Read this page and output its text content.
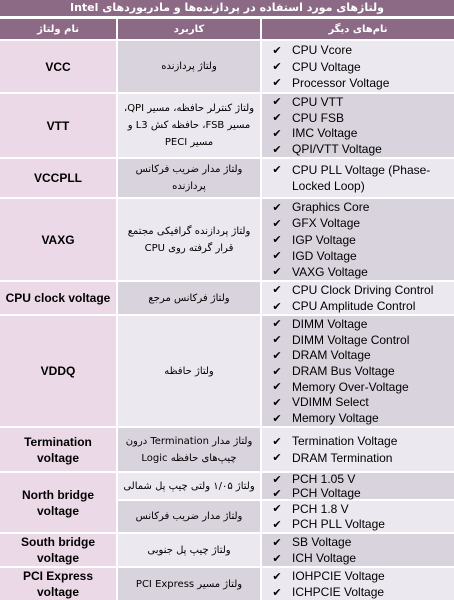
ولتاژهای مورد استفاده در پردازنده‌ها و مادربوردهای Intel
نام ولتاژ	کاربرد	نام‌های دیگر
VCC
VTT
VCCPLL
VAXG
CPU clock voltage
VDDQ
Termination voltage
North bridge voltage
South bridge voltage
PCI Express voltage
ولتاژ پردازنده
✔ CPU Vcore
✔ CPU Voltage
✔ Processor Voltage
ولتاژ کنترلر حافظه، مسیر QPI، مسیر FSB، حافظه کش L3 و مسیر PECI
✔ CPU VTT
✔ CPU FSB
✔ IMC Voltage
✔ QPI/VTT Voltage
ولتاژ مدار ضریب فرکانس پردازنده
✔ CPU PLL Voltage (Phase-Locked Loop)
ولتاژ پردازنده گرافیکی مجتمع قرار گرفته روی CPU
✔ Graphics Core
✔ GFX Voltage
✔ IGP Voltage
✔ IGD Voltage
✔ VAXG Voltage
ولتاژ فرکانس مرجع
✔ CPU Clock Driving Control
✔ CPU Amplitude Control
ولتاژ حافظه
✔ DIMM Voltage
✔ DIMM Voltage Control
✔ DRAM Voltage
✔ DRAM Bus Voltage
✔ Memory Over-Voltage
✔ VDIMM Select
✔ Memory Voltage
ولتاژ مدار Termination درون چیپ‌های حافظه Logic
✔ Termination Voltage
✔ DRAM Termination
ولتاژ ۱/۰۵ ولتی چیپ پل شمالی
✔ PCH 1.05 V
✔ PCH Voltage
ولتاژ مدار ضریب فرکانس
✔ PCH 1.8 V
✔ PCH PLL Voltage
ولتاژ چیپ پل جنوبی
✔ SB Voltage
✔ ICH Voltage
ولتاژ مسیر PCI Express
✔ IOHPCIE Voltage
✔ ICHPCIE Voltage
